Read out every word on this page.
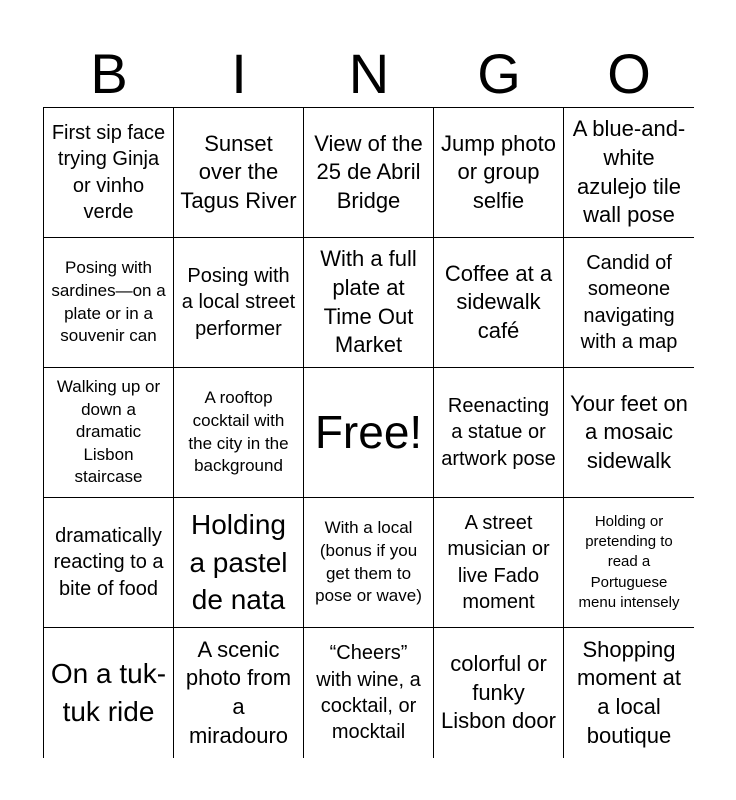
B	I	N	G	O
First sip face trying Ginja or vinho verde
Sunset over the Tagus River
View of the 25 de Abril Bridge
Jump photo or group selfie
A blue-and-white azulejo tile wall pose
Posing with sardines—on a plate or in a souvenir can
Posing with a local street performer
With a full plate at Time Out Market
Coffee at a sidewalk café
Candid of someone navigating with a map
Walking up or down a dramatic Lisbon staircase
A rooftop cocktail with the city in the background
Free!
Reenacting a statue or artwork pose
Your feet on a mosaic sidewalk
dramatically reacting to a bite of food
Holding a pastel de nata
With a local (bonus if you get them to pose or wave)
A street musician or live Fado moment
Holding or pretending to read a Portuguese menu intensely
On a tuk-tuk ride
A scenic photo from a miradouro
“Cheers” with wine, a cocktail, or mocktail
colorful or funky Lisbon door
Shopping moment at a local boutique
